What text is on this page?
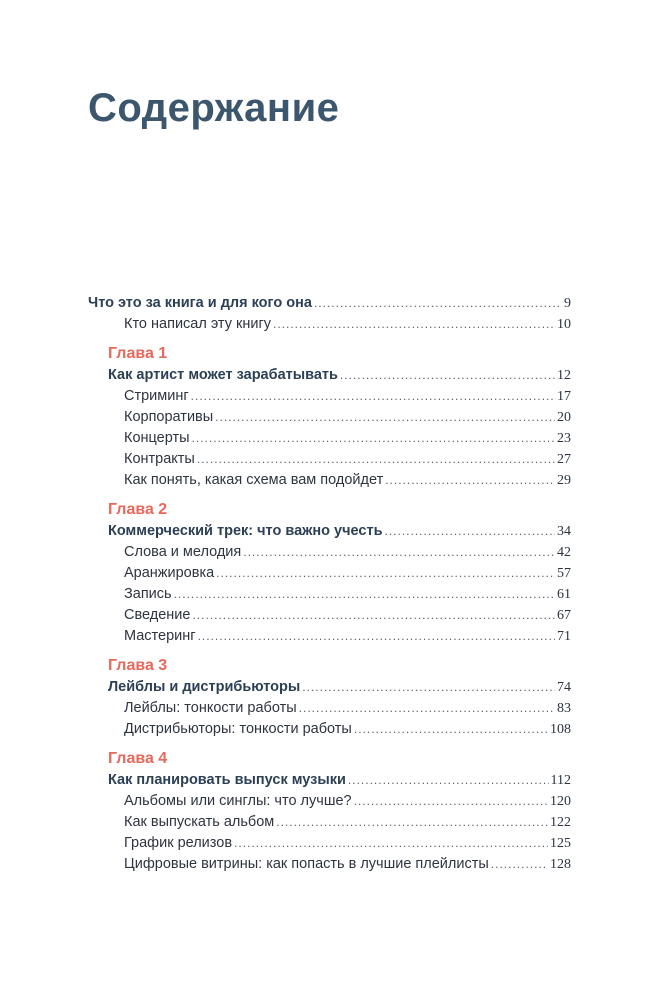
Содержание
Что это за книга и для кого она .....	9
Кто написал эту книгу .....	10
Глава 1
Как артист может зарабатывать .....	12
Стриминг .....	17
Корпоративы .....	20
Концерты .....	23
Контракты .....	27
Как понять, какая схема вам подойдет .....	29
Глава 2
Коммерческий трек: что важно учесть .....	34
Слова и мелодия .....	42
Аранжировка .....	57
Запись .....	61
Сведение .....	67
Мастеринг .....	71
Глава 3
Лейблы и дистрибьюторы .....	74
Лейблы: тонкости работы .....	83
Дистрибьюторы: тонкости работы .....	108
Глава 4
Как планировать выпуск музыки .....	112
Альбомы или синглы: что лучше? .....	120
Как выпускать альбом .....	122
График релизов .....	125
Цифровые витрины: как попасть в лучшие плейлисты .....	128
